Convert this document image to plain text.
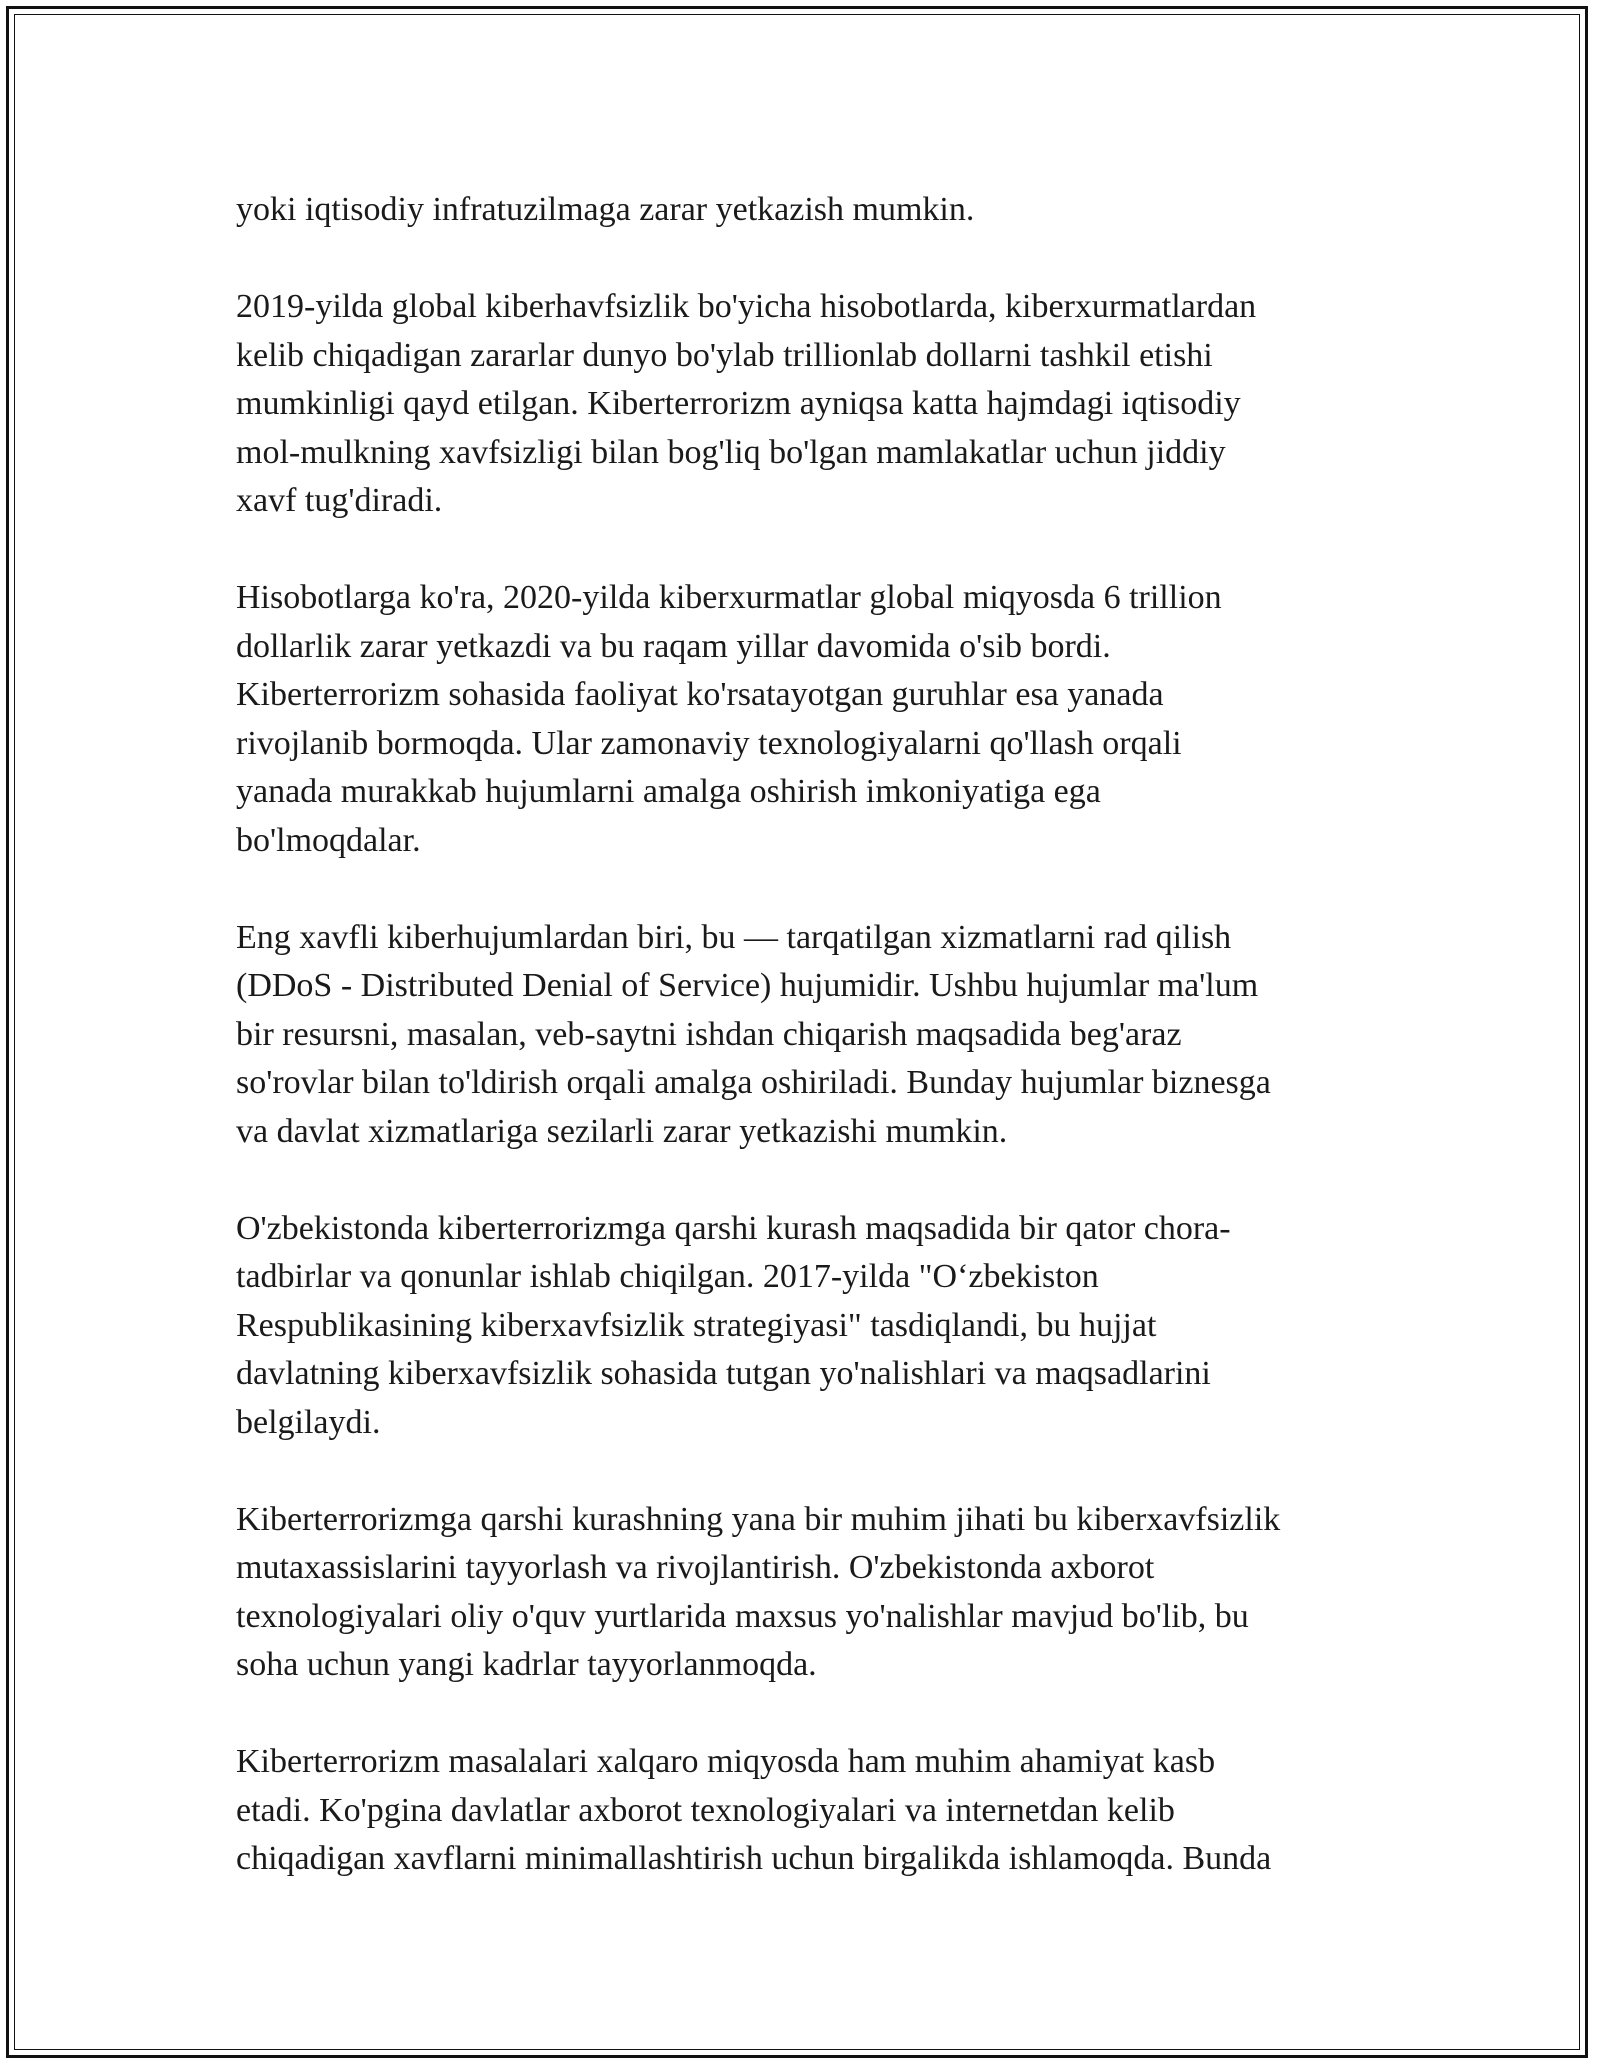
yoki iqtisodiy infratuzilmaga zarar yetkazish mumkin.

2019-yilda global kiberhavfsizlik bo'yicha hisobotlarda, kiberxurmatlardan
kelib chiqadigan zararlar dunyo bo'ylab trillionlab dollarni tashkil etishi
mumkinligi qayd etilgan. Kiberterrorizm ayniqsa katta hajmdagi iqtisodiy
mol-mulkning xavfsizligi bilan bog'liq bo'lgan mamlakatlar uchun jiddiy
xavf tug'diradi.

Hisobotlarga ko'ra, 2020-yilda kiberxurmatlar global miqyosda 6 trillion
dollarlik zarar yetkazdi va bu raqam yillar davomida o'sib bordi.
Kiberterrorizm sohasida faoliyat ko'rsatayotgan guruhlar esa yanada
rivojlanib bormoqda. Ular zamonaviy texnologiyalarni qo'llash orqali
yanada murakkab hujumlarni amalga oshirish imkoniyatiga ega
bo'lmoqdalar.

Eng xavfli kiberhujumlardan biri, bu — tarqatilgan xizmatlarni rad qilish
(DDoS - Distributed Denial of Service) hujumidir. Ushbu hujumlar ma'lum
bir resursni, masalan, veb-saytni ishdan chiqarish maqsadida beg'araz
so'rovlar bilan to'ldirish orqali amalga oshiriladi. Bunday hujumlar biznesga
va davlat xizmatlariga sezilarli zarar yetkazishi mumkin.

O'zbekistonda kiberterrorizmga qarshi kurash maqsadida bir qator chora-
tadbirlar va qonunlar ishlab chiqilgan. 2017-yilda "O‘zbekiston
Respublikasining kiberxavfsizlik strategiyasi" tasdiqlandi, bu hujjat
davlatning kiberxavfsizlik sohasida tutgan yo'nalishlari va maqsadlarini
belgilaydi.

Kiberterrorizmga qarshi kurashning yana bir muhim jihati bu kiberxavfsizlik
mutaxassislarini tayyorlash va rivojlantirish. O'zbekistonda axborot
texnologiyalari oliy o'quv yurtlarida maxsus yo'nalishlar mavjud bo'lib, bu
soha uchun yangi kadrlar tayyorlanmoqda.

Kiberterrorizm masalalari xalqaro miqyosda ham muhim ahamiyat kasb
etadi. Ko'pgina davlatlar axborot texnologiyalari va internetdan kelib
chiqadigan xavflarni minimallashtirish uchun birgalikda ishlamoqda. Bunda
